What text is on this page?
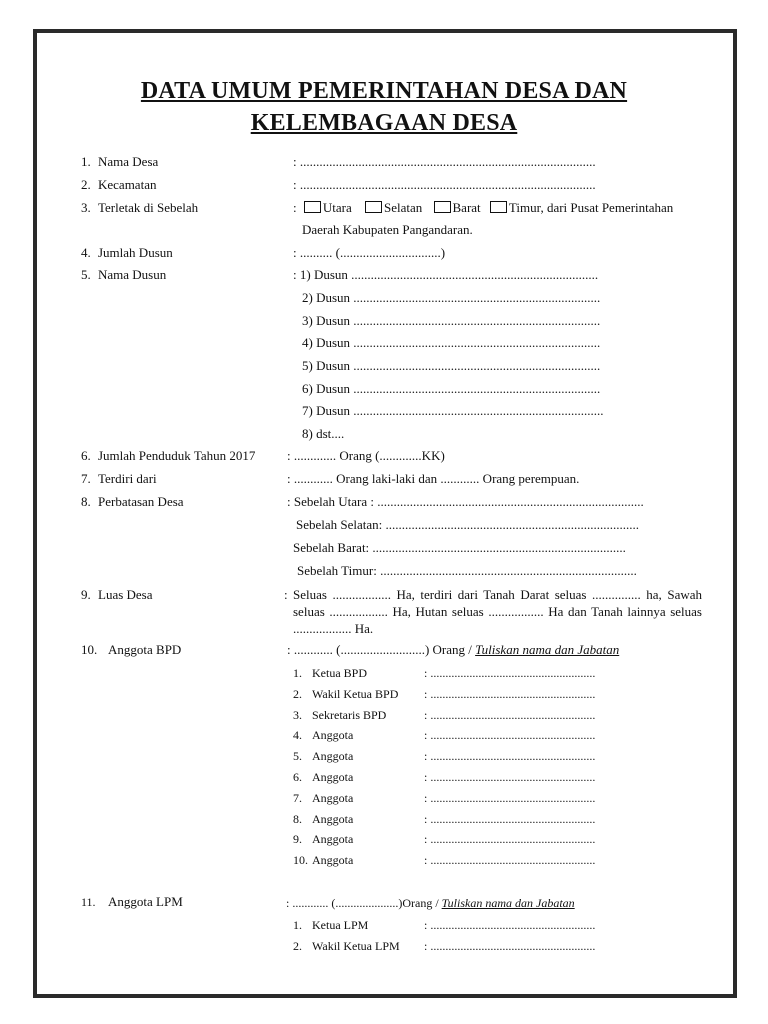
DATA UMUM PEMERINTAHAN DESA DAN
KELEMBAGAAN DESA
1. Nama Desa	: ...........................................................................................
2. Kecamatan	: ...........................................................................................
3. Terletak di Sebelah	: Utara Selatan Barat Timur, dari Pusat Pemerintahan
Daerah Kabupaten Pangandaran.
4. Jumlah Dusun	: .......... (...............................)
5. Nama Dusun	: 1) Dusun ............................................................................
2) Dusun ............................................................................
3) Dusun ............................................................................
4) Dusun ............................................................................
5) Dusun ............................................................................
6) Dusun ............................................................................
7) Dusun .............................................................................
8) dst....
6. Jumlah Penduduk Tahun 2017 : ............. Orang (.............KK)
7. Terdiri dari	: ............ Orang laki-laki dan ............ Orang perempuan.
8. Perbatasan Desa	: Sebelah Utara : ..................................................................................
Sebelah Selatan: ..............................................................................
Sebelah Barat: ..............................................................................
Sebelah Timur: ...............................................................................
9. Luas Desa	: Seluas .................. Ha, terdiri dari Tanah Darat seluas ............... ha, Sawah seluas .................. Ha, Hutan seluas ................. Ha dan Tanah lainnya seluas .................. Ha.
10. Anggota BPD	: ............ (..........................) Orang / Tuliskan nama dan Jabatan
1. Ketua BPD	: .......................................................
2. Wakil Ketua BPD : .......................................................
3. Sekretaris BPD	: .......................................................
4. Anggota	: .......................................................
5. Anggota	: .......................................................
6. Anggota	: .......................................................
7. Anggota	: .......................................................
8. Anggota	: .......................................................
9. Anggota	: .......................................................
10. Anggota	: .......................................................
11. Anggota LPM	: ............ (.....................)Orang / Tuliskan nama dan Jabatan
1. Ketua LPM	: .......................................................
2. Wakil Ketua LPM : .......................................................
